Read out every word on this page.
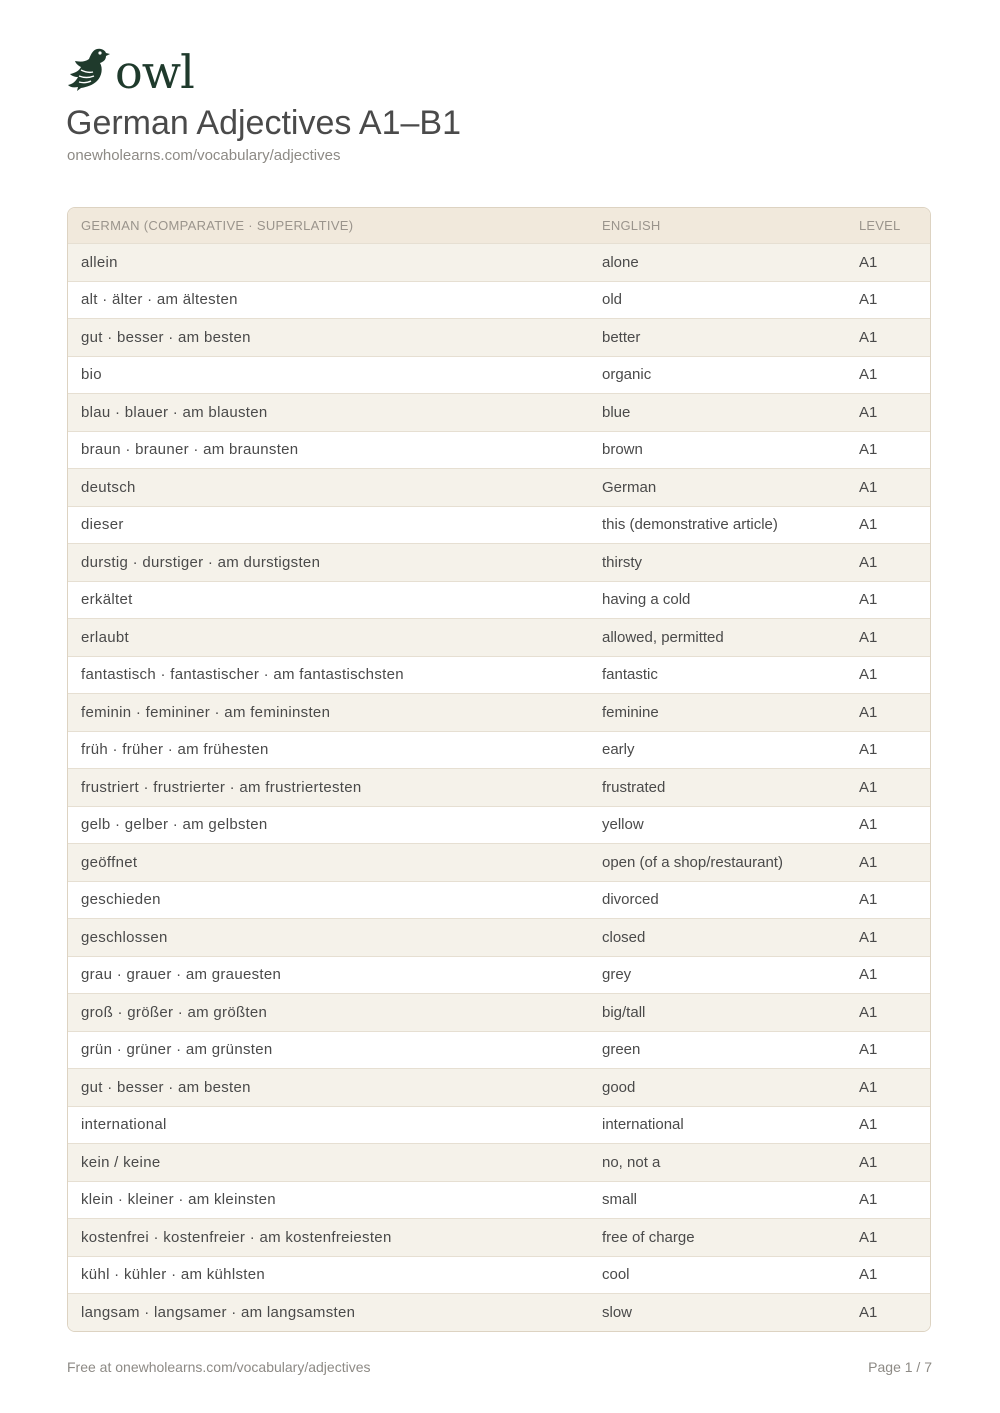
owl
German Adjectives A1–B1
onewholearns.com/vocabulary/adjectives
GERMAN (COMPARATIVE · SUPERLATIVE)	ENGLISH	LEVEL
allein	alone	A1
alt · älter · am ältesten	old	A1
gut · besser · am besten	better	A1
bio	organic	A1
blau · blauer · am blausten	blue	A1
braun · brauner · am braunsten	brown	A1
deutsch	German	A1
dieser	this (demonstrative article)	A1
durstig · durstiger · am durstigsten	thirsty	A1
erkältet	having a cold	A1
erlaubt	allowed, permitted	A1
fantastisch · fantastischer · am fantastischsten	fantastic	A1
feminin · femininer · am femininsten	feminine	A1
früh · früher · am frühesten	early	A1
frustriert · frustrierter · am frustriertesten	frustrated	A1
gelb · gelber · am gelbsten	yellow	A1
geöffnet	open (of a shop/restaurant)	A1
geschieden	divorced	A1
geschlossen	closed	A1
grau · grauer · am grauesten	grey	A1
groß · größer · am größten	big/tall	A1
grün · grüner · am grünsten	green	A1
gut · besser · am besten	good	A1
international	international	A1
kein / keine	no, not a	A1
klein · kleiner · am kleinsten	small	A1
kostenfrei · kostenfreier · am kostenfreiesten	free of charge	A1
kühl · kühler · am kühlsten	cool	A1
langsam · langsamer · am langsamsten	slow	A1
Free at onewholearns.com/vocabulary/adjectives	Page 1 / 7
